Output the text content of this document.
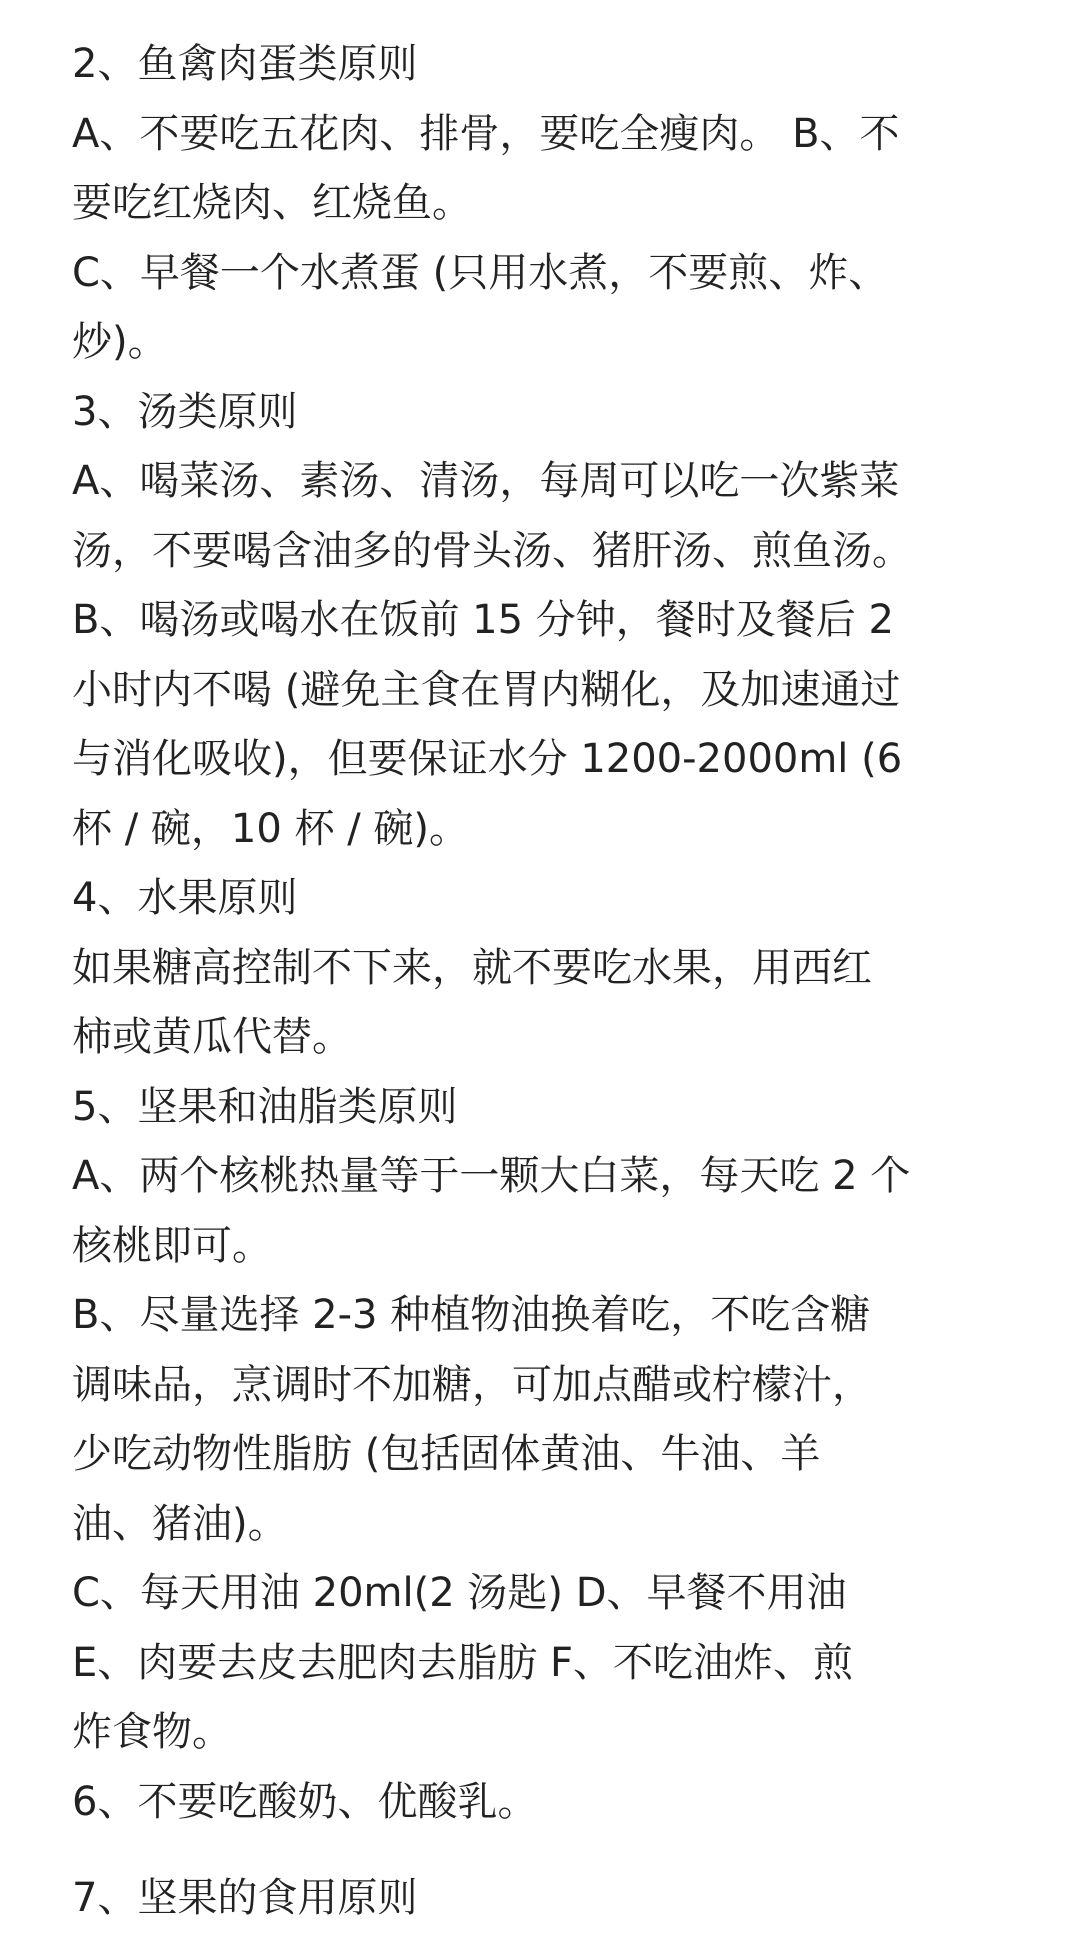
2、鱼禽肉蛋类原则

A、不要吃五花肉、排骨，要吃全瘦肉。 B、不

要吃红烧肉、红烧鱼。

C、早餐一个水煮蛋 (只用水煮，不要煎、炸、

炒)。

3、汤类原则

A、喝菜汤、素汤、清汤，每周可以吃一次紫菜

汤，不要喝含油多的骨头汤、猪肝汤、煎鱼汤。

B、喝汤或喝水在饭前 15 分钟，餐时及餐后 2

小时内不喝 (避免主食在胃内糊化，及加速通过

与消化吸收)，但要保证水分 1200-2000ml (6

杯 / 碗，10 杯 / 碗)。

4、水果原则

如果糖高控制不下来，就不要吃水果，用西红

柿或黄瓜代替。

5、坚果和油脂类原则

A、两个核桃热量等于一颗大白菜，每天吃 2 个

核桃即可。

B、尽量选择 2-3 种植物油换着吃，不吃含糖

调味品，烹调时不加糖，可加点醋或柠檬汁，

少吃动物性脂肪 (包括固体黄油、牛油、羊

油、猪油)。

C、每天用油 20ml(2 汤匙) D、早餐不用油

E、肉要去皮去肥肉去脂肪 F、不吃油炸、煎

炸食物。

6、不要吃酸奶、优酸乳。

7、坚果的食用原则
